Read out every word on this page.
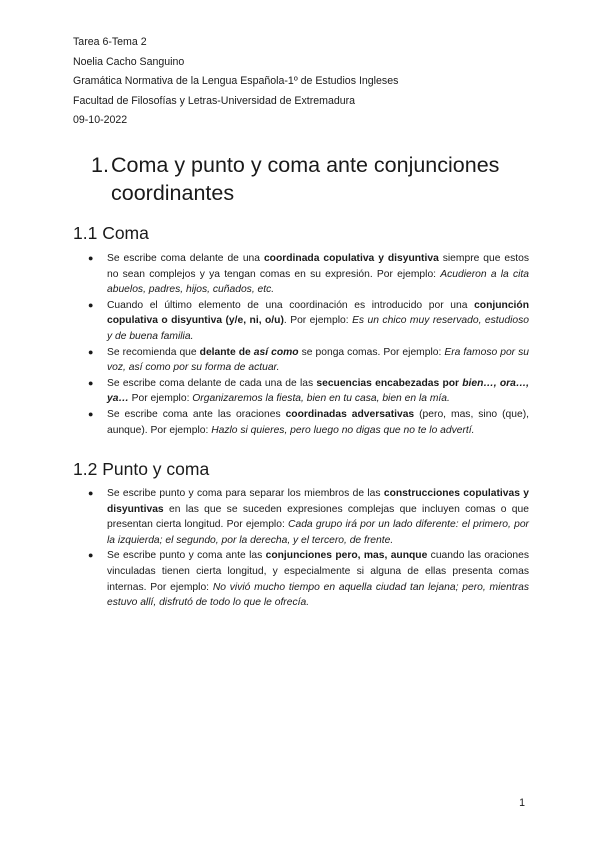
Tarea 6-Tema 2
Noelia Cacho Sanguino
Gramática Normativa de la Lengua Española-1º de Estudios Ingleses
Facultad de Filosofías y Letras-Universidad de Extremadura
09-10-2022
1. Coma y punto y coma ante conjunciones coordinantes
1.1 Coma
● Se escribe coma delante de una coordinada copulativa y disyuntiva siempre que estos no sean complejos y ya tengan comas en su expresión. Por ejemplo: Acudieron a la cita abuelos, padres, hijos, cuñados, etc.
● Cuando el último elemento de una coordinación es introducido por una conjunción copulativa o disyuntiva (y/e, ni, o/u). Por ejemplo: Es un chico muy reservado, estudioso y de buena familia.
● Se recomienda que delante de así como se ponga comas. Por ejemplo: Era famoso por su voz, así como por su forma de actuar.
● Se escribe coma delante de cada una de las secuencias encabezadas por bien…, ora…, ya… Por ejemplo: Organizaremos la fiesta, bien en tu casa, bien en la mía.
● Se escribe coma ante las oraciones coordinadas adversativas (pero, mas, sino (que), aunque). Por ejemplo: Hazlo si quieres, pero luego no digas que no te lo advertí.
1.2 Punto y coma
● Se escribe punto y coma para separar los miembros de las construcciones copulativas y disyuntivas en las que se suceden expresiones complejas que incluyen comas o que presentan cierta longitud. Por ejemplo: Cada grupo irá por un lado diferente: el primero, por la izquierda; el segundo, por la derecha, y el tercero, de frente.
● Se escribe punto y coma ante las conjunciones pero, mas, aunque cuando las oraciones vinculadas tienen cierta longitud, y especialmente si alguna de ellas presenta comas internas. Por ejemplo: No vivió mucho tiempo en aquella ciudad tan lejana; pero, mientras estuvo allí, disfrutó de todo lo que le ofrecía.
1
